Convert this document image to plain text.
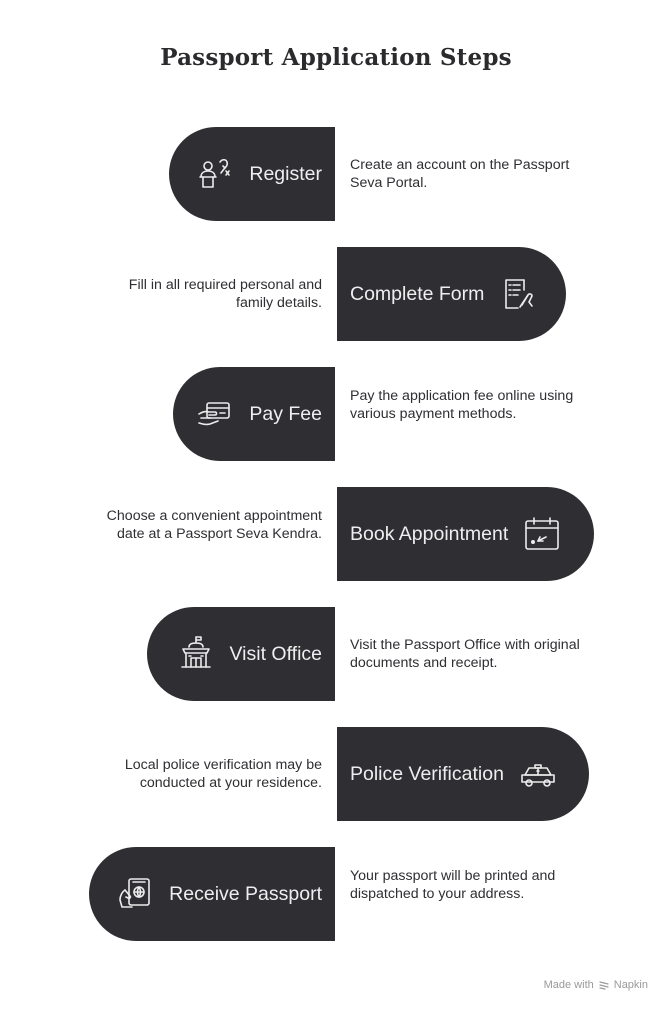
Passport Application Steps
Register Create an account on the Passport Seva Portal.
Complete Form
Fill in all required personal and family details.
Pay Fee
Pay the application fee online using various payment methods.
Book Appointment
Choose a convenient appointment date at a Passport Seva Kendra.
Visit Office Visit the Passport Office with original documents and receipt.
Police Verification
Local police verification may be conducted at your residence.
Receive Passport
Your passport will be printed and dispatched to your address.
Made with Napkin
